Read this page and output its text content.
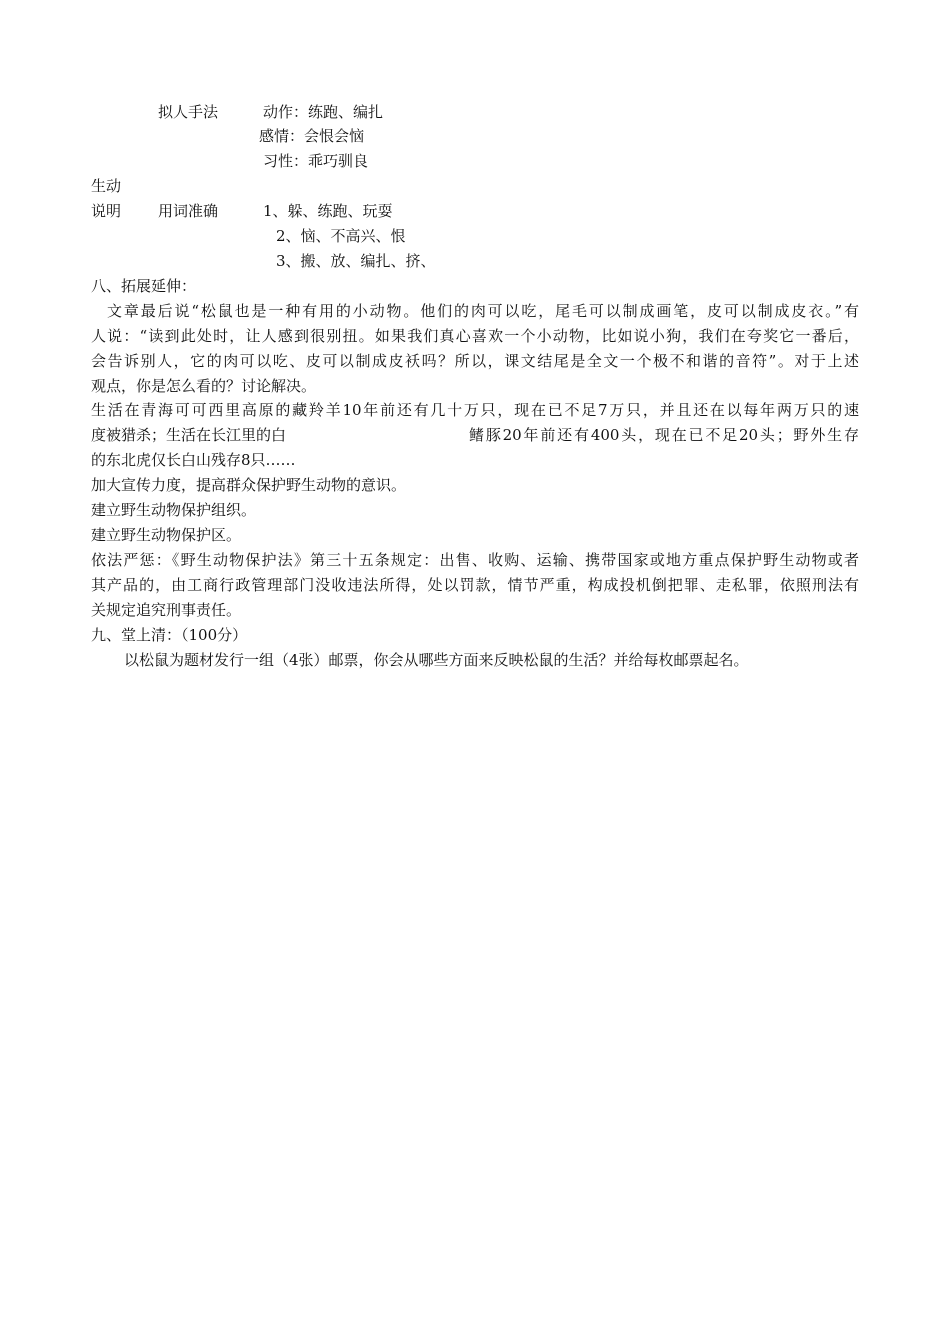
拟人手法	动作：练跑、编扎
感情：会恨会恼
习性：乖巧驯良
生动
说明 用词准确	1、躲、练跑、玩耍
2、恼、不高兴、恨
3、搬、放、编扎、挤、
八、拓展延伸：
文章最后说“松鼠也是一种有用的小动物。他们的肉可以吃，尾毛可以制成画笔，皮可以制成皮衣。”有
人说：“读到此处时，让人感到很别扭。如果我们真心喜欢一个小动物，比如说小狗，我们在夸奖它一番后，
会告诉别人，它的肉可以吃、皮可以制成皮袄吗？所以，课文结尾是全文一个极不和谐的音符”。对于上述
观点，你是怎么看的？讨论解决。
生活在青海可可西里高原的藏羚羊10年前还有几十万只，现在已不足7万只，并且还在以每年两万只的速
度被猎杀；生活在长江里的白	鳍豚20年前还有400头，现在已不足20头；野外生存
的东北虎仅长白山残存8只……
加大宣传力度，提高群众保护野生动物的意识。
建立野生动物保护组织。
建立野生动物保护区。
依法严惩：《野生动物保护法》第三十五条规定：出售、收购、运输、携带国家或地方重点保护野生动物或者
其产品的，由工商行政管理部门没收违法所得，处以罚款，情节严重，构成投机倒把罪、走私罪，依照刑法有
关规定追究刑事责任。
九、堂上清：（100分）
以松鼠为题材发行一组（4张）邮票，你会从哪些方面来反映松鼠的生活？并给每枚邮票起名。
